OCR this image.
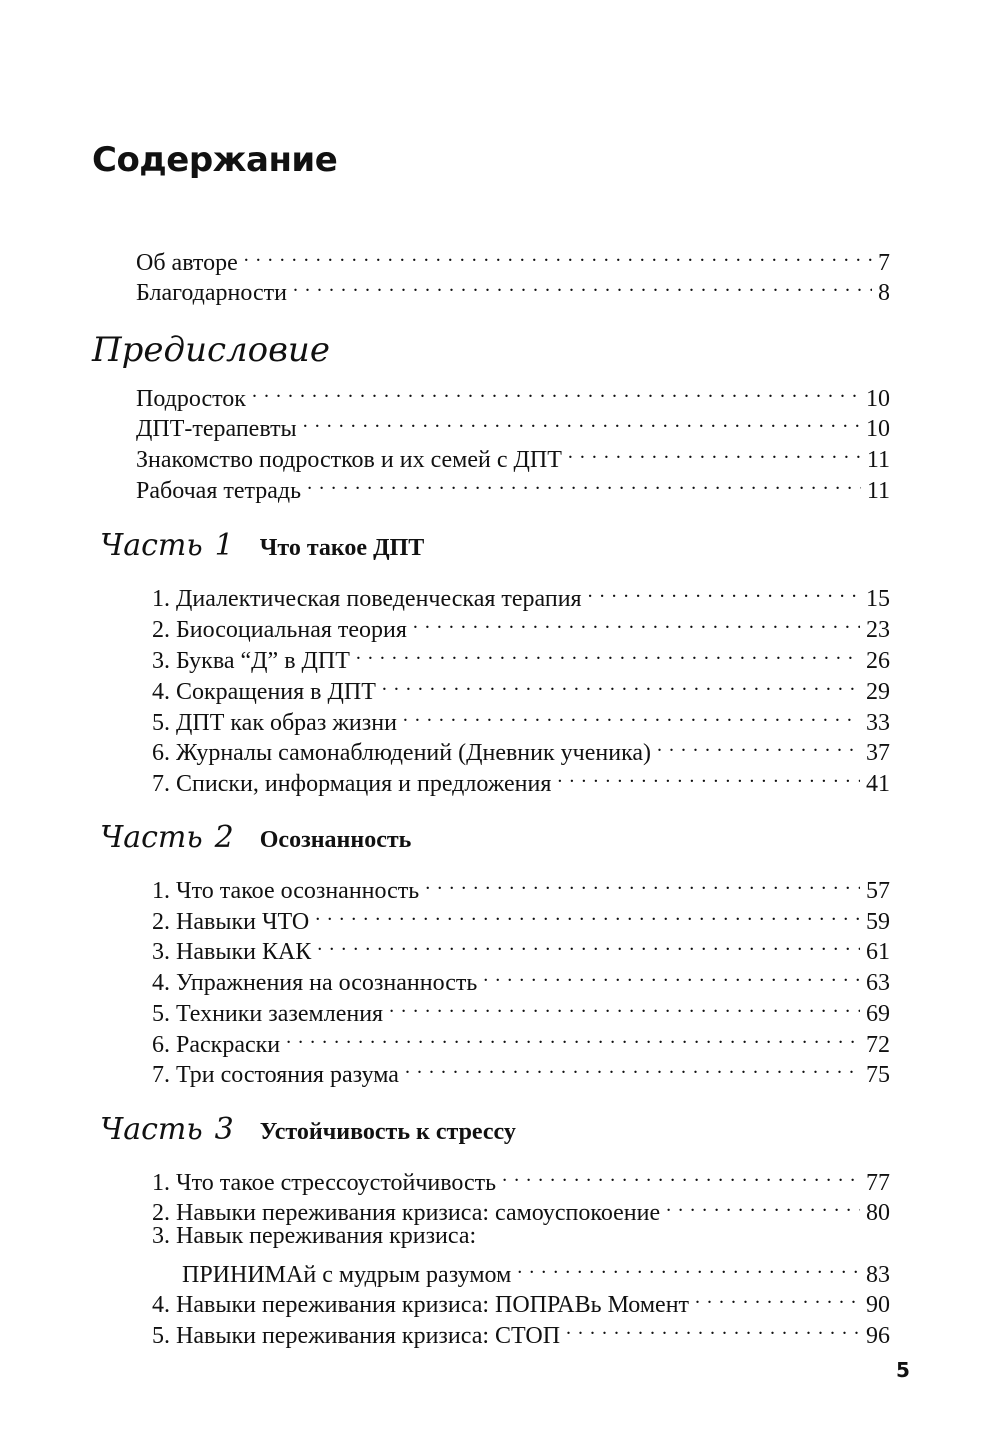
Содержание
Об авторе . . .	7
Благодарности . . .	8
Предисловие
Подросток . . .	10
ДПТ-терапевты . . .	10
Знакомство подростков и их семей с ДПТ . . .	11
Рабочая тетрадь . . .	11
Часть 1 Что такое ДПТ
1. Диалектическая поведенческая терапия . . .	15
2. Биосоциальная теория . . .	23
3. Буква “Д” в ДПТ . . .	26
4. Сокращения в ДПТ . . .	29
5. ДПТ как образ жизни . . .	33
6. Журналы самонаблюдений (Дневник ученика) . . .	37
7. Списки, информация и предложения . . .	41
Часть 2 Осознанность
1. Что такое осознанность . . .	57
2. Навыки ЧТО . . .	59
3. Навыки КАК . . .	61
4. Упражнения на осознанность . . .	63
5. Техники заземления . . .	69
6. Раскраски . . .	72
7. Три состояния разума . . .	75
Часть 3 Устойчивость к стрессу
1. Что такое стрессоустойчивость . . .	77
2. Навыки переживания кризиса: самоуспокоение . . .	80
3. Навык переживания кризиса:
ПРИНИМАй с мудрым разумом . . .	83
4. Навыки переживания кризиса: ПОПРАВь Момент . . .	90
5. Навыки переживания кризиса: СТОП . . .	96
5
